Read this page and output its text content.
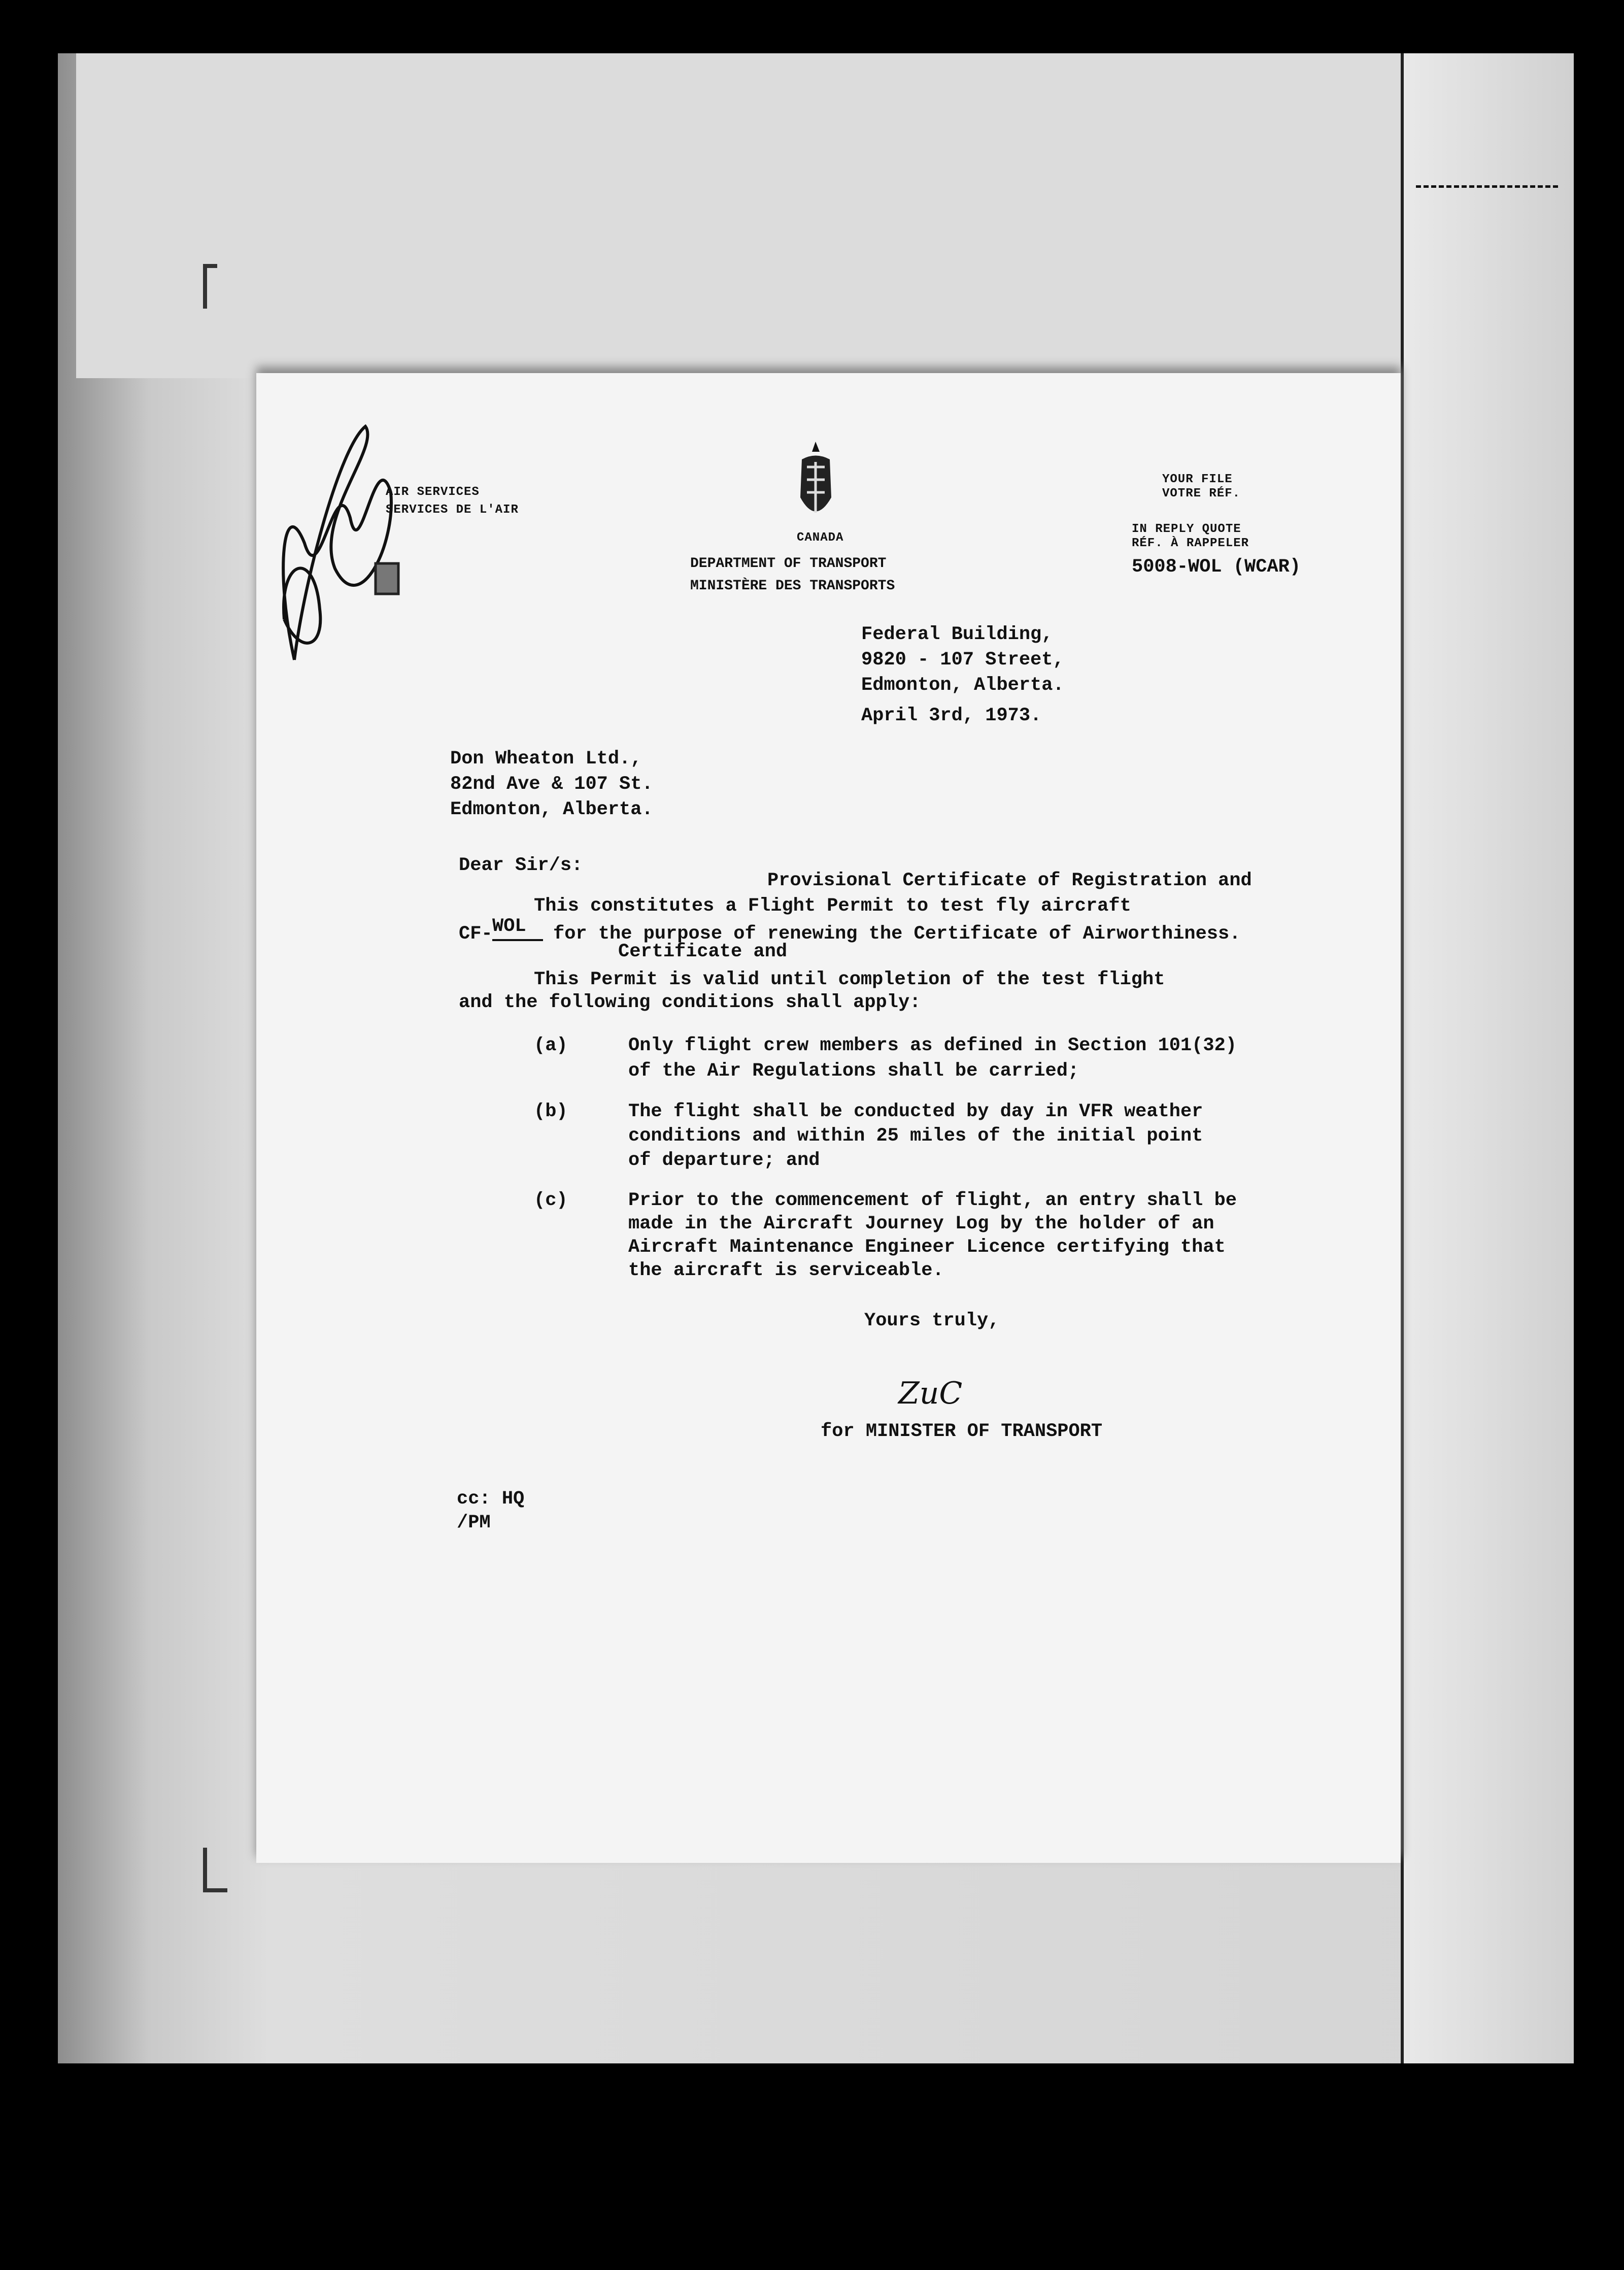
AIR SERVICES
SERVICES DE L'AIR
CANADA
DEPARTMENT OF TRANSPORT
MINISTÈRE DES TRANSPORTS
YOUR FILE
VOTRE RÉF.
IN REPLY QUOTE
RÉF. À RAPPELER
5008-WOL (WCAR)
Federal Building,
9820 - 107 Street,
Edmonton, Alberta.
April 3rd, 1973.
Don Wheaton Ltd.,
82nd Ave & 107 St.
Edmonton, Alberta.
Dear Sir/s:
Provisional Certificate of Registration and
This constitutes a Flight Permit to test fly aircraft
CF- WOL	for the purpose of renewing the Certificate of Airworthiness.
Certificate and
This Permit is valid until completion of the test flight
and the following conditions shall apply:
(a)	Only flight crew members as defined in Section 101(32)
of the Air Regulations shall be carried;
(b)	The flight shall be conducted by day in VFR weather
conditions and within 25 miles of the initial point
of departure; and
(c)	Prior to the commencement of flight, an entry shall be
made in the Aircraft Journey Log by the holder of an
Aircraft Maintenance Engineer Licence certifying that
the aircraft is serviceable.
Yours truly,
ZuC
for MINISTER OF TRANSPORT
cc: HQ
/PM
